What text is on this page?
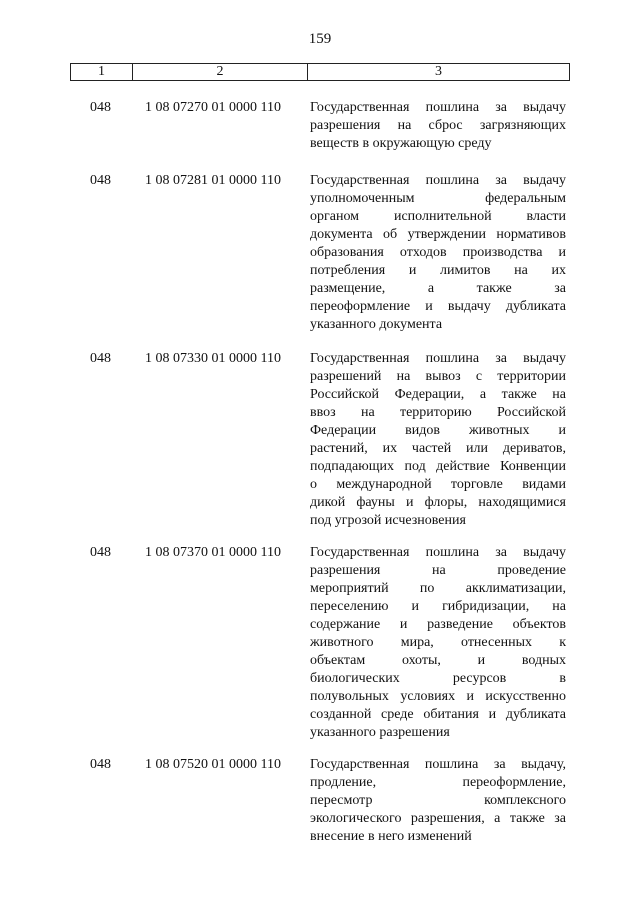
159
1	2	3
048 1 08 07270 01 0000 110 Государственная пошлина за выдачу
разрешения на сброс загрязняющих
веществ в окружающую среду
048 1 08 07281 01 0000 110 Государственная пошлина за выдачу
уполномоченным федеральным
органом исполнительной власти
документа об утверждении нормативов
образования отходов производства и
потребления и лимитов на их
размещение, а также за
переоформление и выдачу дубликата
указанного документа
048 1 08 07330 01 0000 110 Государственная пошлина за выдачу
разрешений на вывоз с территории
Российской Федерации, а также на
ввоз на территорию Российской
Федерации видов животных и
растений, их частей или дериватов,
подпадающих под действие Конвенции
о международной торговле видами
дикой фауны и флоры, находящимися
под угрозой исчезновения
048 1 08 07370 01 0000 110 Государственная пошлина за выдачу
разрешения на проведение
мероприятий по акклиматизации,
переселению и гибридизации, на
содержание и разведение объектов
животного мира, отнесенных к
объектам охоты, и водных
биологических ресурсов в
полувольных условиях и искусственно
созданной среде обитания и дубликата
указанного разрешения
048 1 08 07520 01 0000 110 Государственная пошлина за выдачу,
продление, переоформление,
пересмотр комплексного
экологического разрешения, а также за
внесение в него изменений
